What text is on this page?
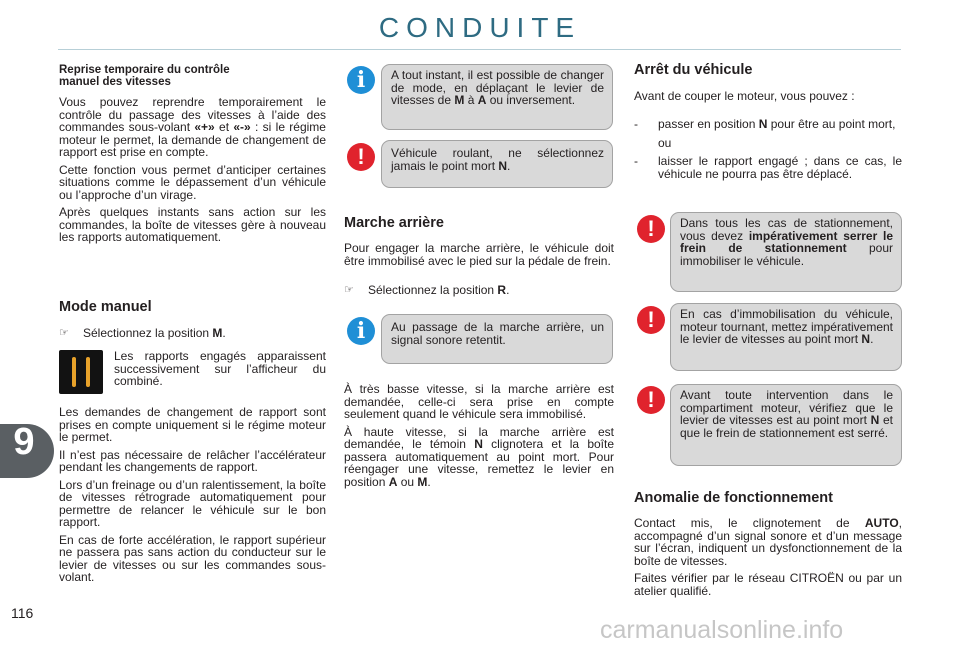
CONDUITE
9
116
Reprise temporaire du contrôle
manuel des vitesses

Vous pouvez reprendre temporairement le contrôle du passage des vitesses à l’aide des commandes sous-volant «+» et «-» : si le régime moteur le permet, la demande de changement de rapport est prise en compte.

Cette fonction vous permet d’anticiper certaines situations comme le dépassement d’un véhicule ou l’approche d’un virage.

Après quelques instants sans action sur les commandes, la boîte de vitesses gère à nouveau les rapports automatiquement.

Mode manuel
☞	Sélectionnez la position M.
Les rapports engagés apparaissent successivement sur l’afficheur du combiné.

Les demandes de changement de rapport sont prises en compte uniquement si le régime moteur le permet.

Il n’est pas nécessaire de relâcher l’accélérateur pendant les changements de rapport.

Lors d’un freinage ou d’un ralentissement, la boîte de vitesses rétrograde automatiquement pour permettre de relancer le véhicule sur le bon rapport.

En cas de forte accélération, le rapport supérieur ne passera pas sans action du conducteur sur le levier de vitesses ou sur les commandes sous-volant.

i	A tout instant, il est possible de changer de mode, en déplaçant le levier de vitesses de M à A ou inversement.
!	Véhicule roulant, ne sélectionnez jamais le point mort N.
Marche arrière
Pour engager la marche arrière, le véhicule doit être immobilisé avec le pied sur la pédale de frein.
☞	Sélectionnez la position R.
i	Au passage de la marche arrière, un signal sonore retentit.

À très basse vitesse, si la marche arrière est demandée, celle-ci sera prise en compte seulement quand le véhicule sera immobilisé.

À haute vitesse, si la marche arrière est demandée, le témoin N clignotera et la boîte passera automatiquement au point mort. Pour réengager une vitesse, remettez le levier en position A ou M.

Arrêt du véhicule
Avant de couper le moteur, vous pouvez :
-	passer en position N pour être au point mort,
ou
-	laisser le rapport engagé ; dans ce cas, le véhicule ne pourra pas être déplacé.
!	Dans tous les cas de stationnement, vous devez impérativement serrer le frein de stationnement pour immobiliser le véhicule.
!	En cas d’immobilisation du véhicule, moteur tournant, mettez impérativement le levier de vitesses au point mort N.
!	Avant toute intervention dans le compartiment moteur, vérifiez que le levier de vitesses est au point mort N et que le frein de stationnement est serré.
Anomalie de fonctionnement

Contact mis, le clignotement de AUTO, accompagné d’un signal sonore et d’un message sur l’écran, indiquent un dysfonctionnement de la boîte de vitesses.

Faites vérifier par le réseau CITROËN ou par un atelier qualifié.

carmanualsonline.info
